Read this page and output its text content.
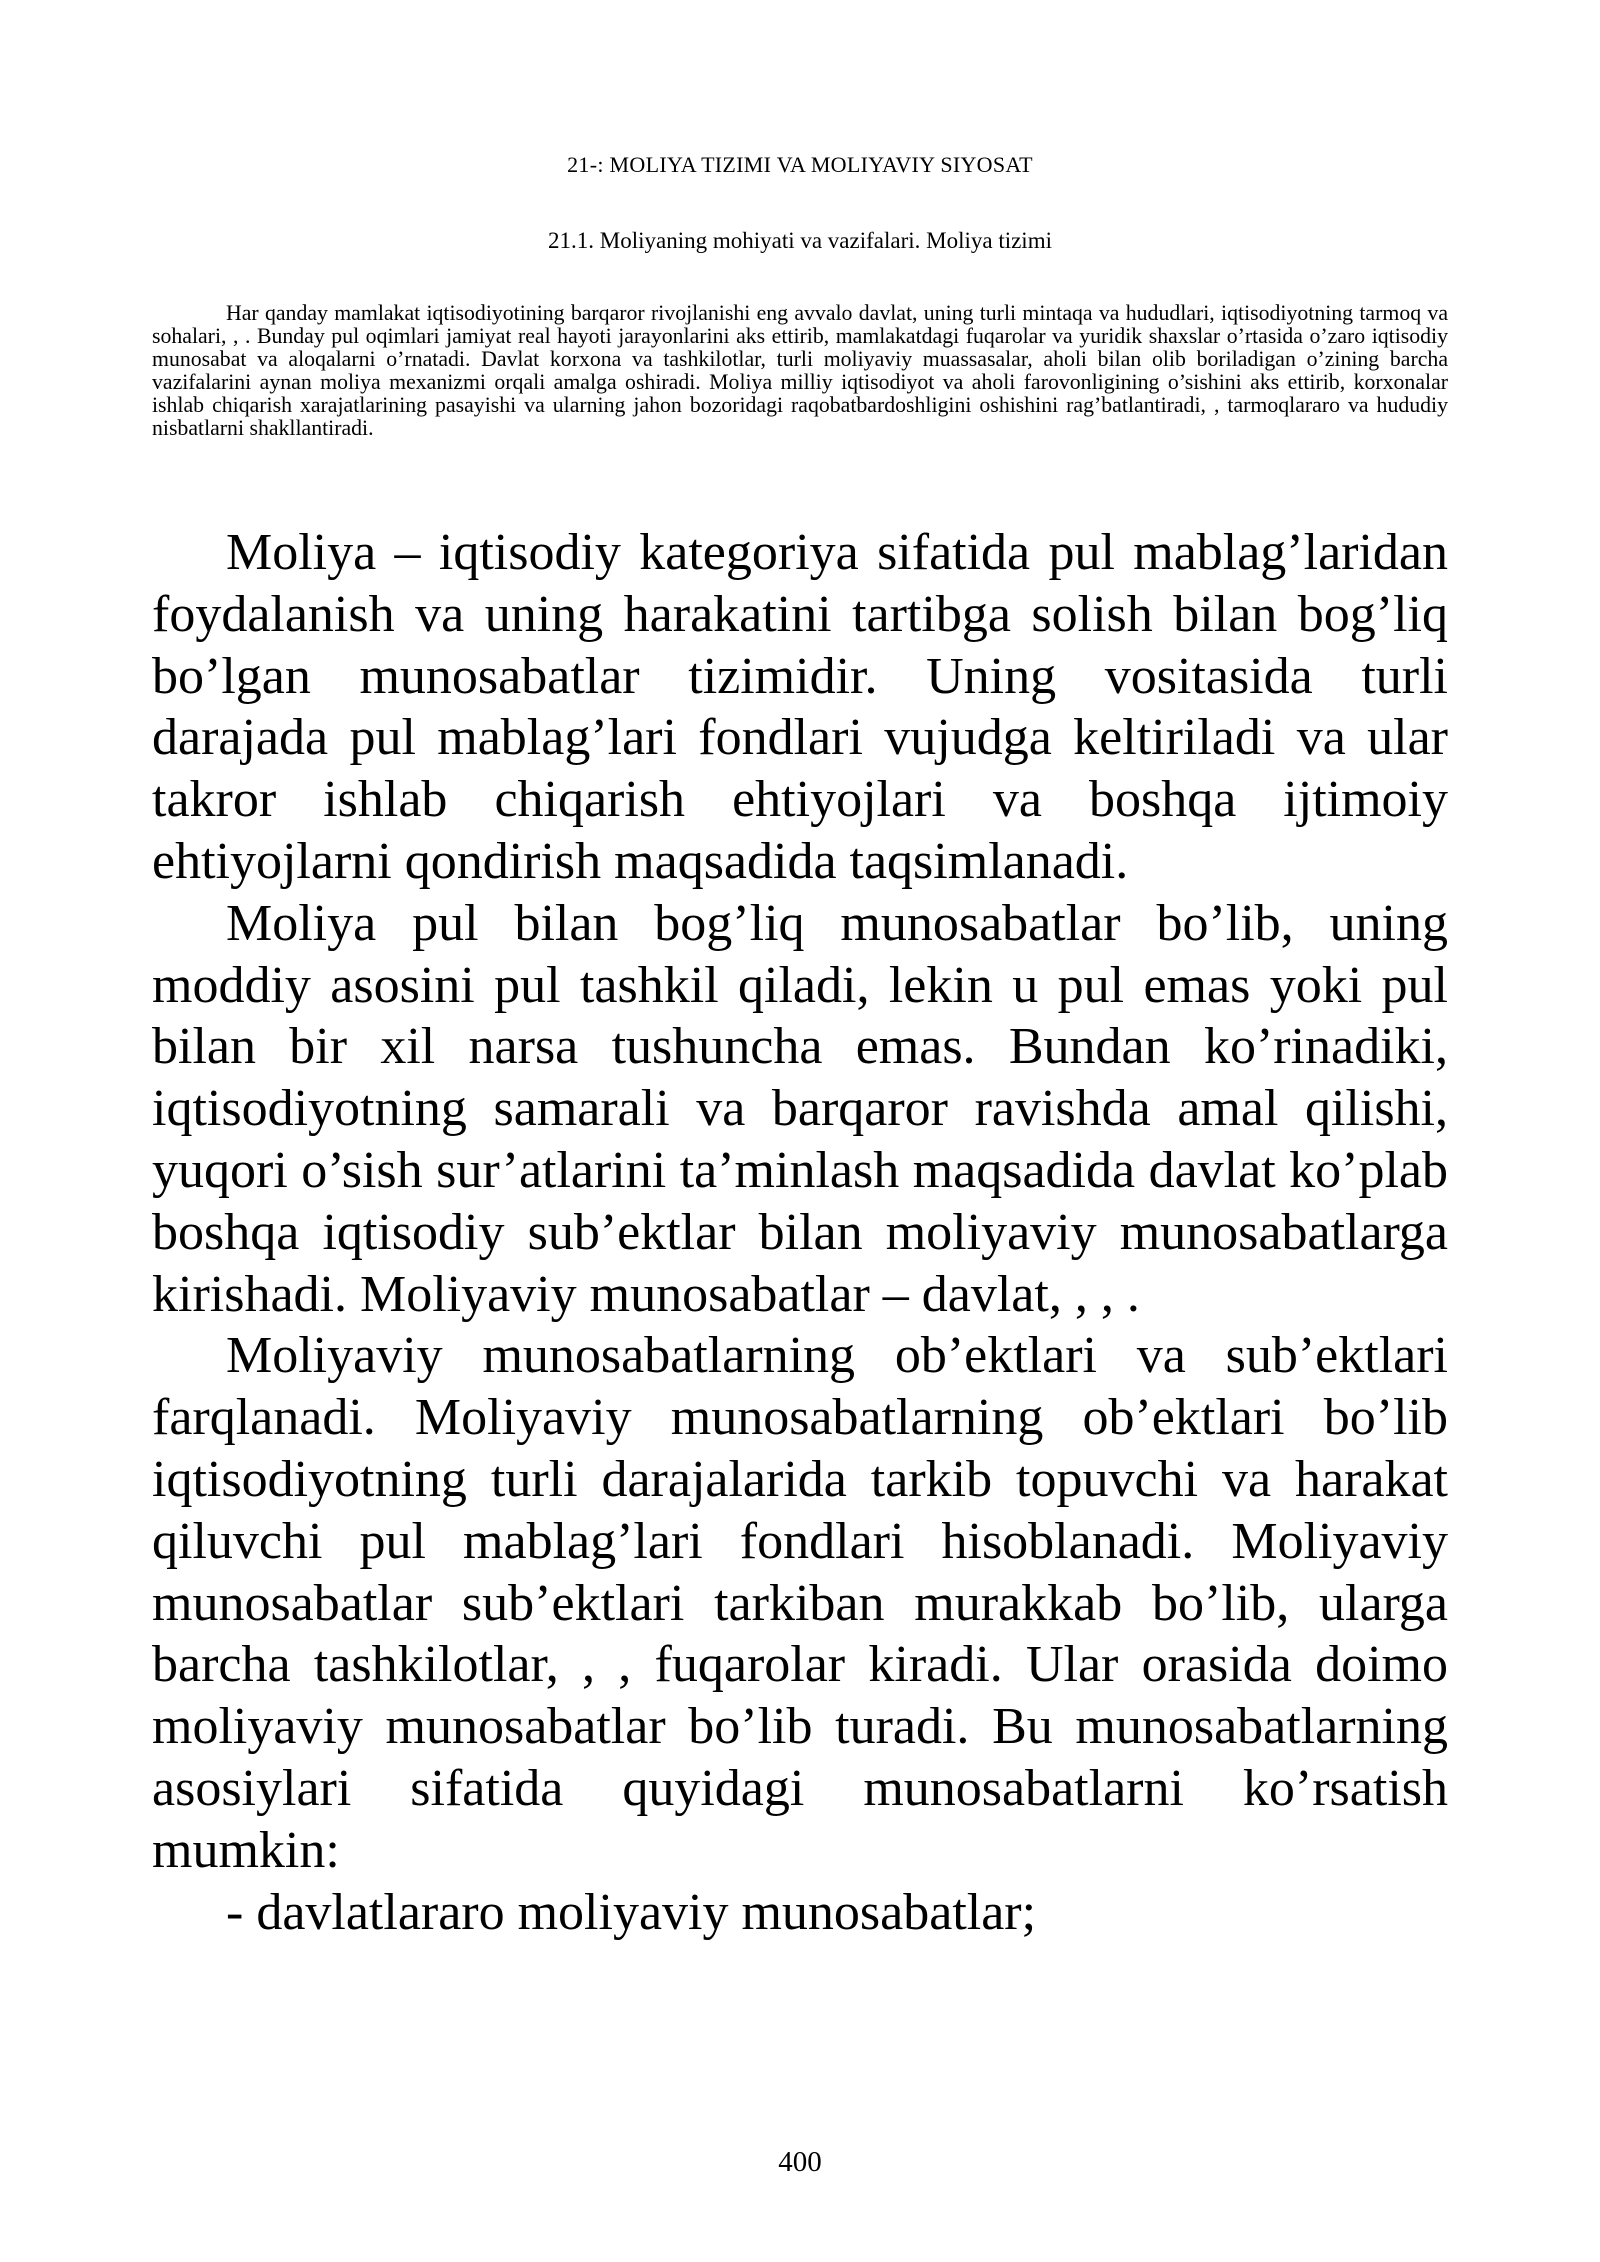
21-: MOLIYA TIZIMI VA MOLIYAVIY SIYOSAT
21.1. Moliyaning mohiyati va vazifalari. Moliya tizimi

Har qanday mamlakat iqtisodiyotining barqaror rivojlanishi eng avvalo davlat, uning turli mintaqa va hududlari, iqtisodiyotning tarmoq va sohalari, , . Bunday pul oqimlari jamiyat real hayoti jarayonlarini aks ettirib, mamlakatdagi fuqarolar va yuridik shaxslar o’rtasida o’zaro iqtisodiy munosabat va aloqalarni o’rnatadi. Davlat korxona va tashkilotlar, turli moliyaviy muassasalar, aholi bilan olib boriladigan o’zining barcha vazifalarini aynan moliya mexanizmi orqali amalga oshiradi. Moliya milliy iqtisodiyot va aholi farovonligining o’sishini aks ettirib, korxonalar ishlab chiqarish xarajatlarining pasayishi va ularning jahon bozoridagi raqobatbardoshligini oshishini rag’batlantiradi, , tarmoqlararo va hududiy nisbatlarni shakllantiradi.

Moliya – iqtisodiy kategoriya sifatida pul mablag’laridan foydalanish va uning harakatini tartibga solish bilan bog’liq bo’lgan munosabatlar tizimidir. Uning vositasida turli darajada pul mablag’lari fondlari vujudga keltiriladi va ular takror ishlab chiqarish ehtiyojlari va boshqa ijtimoiy ehtiyojlarni qondirish maqsadida taqsimlanadi.

Moliya pul bilan bog’liq munosabatlar bo’lib, uning moddiy asosini pul tashkil qiladi, lekin u pul emas yoki pul bilan bir xil narsa tushuncha emas. Bundan ko’rinadiki, iqtisodiyotning samarali va barqaror ravishda amal qilishi, yuqori o’sish sur’atlarini ta’minlash maqsadida davlat ko’plab boshqa iqtisodiy sub’ektlar bilan moliyaviy munosabatlarga kirishadi. Moliyaviy munosabatlar – davlat, , , .

Moliyaviy munosabatlarning ob’ektlari va sub’ektlari farqlanadi. Moliyaviy munosabatlarning ob’ektlari bo’lib iqtisodiyotning turli darajalarida tarkib topuvchi va harakat qiluvchi pul mablag’lari fondlari hisoblanadi. Moliyaviy munosabatlar sub’ektlari tarkiban murakkab bo’lib, ularga barcha tashkilotlar, , , fuqarolar kiradi. Ular orasida doimo moliyaviy munosabatlar bo’lib turadi. Bu munosabatlarning asosiylari sifatida quyidagi munosabatlarni ko’rsatish mumkin:

- davlatlararo moliyaviy munosabatlar;

400
